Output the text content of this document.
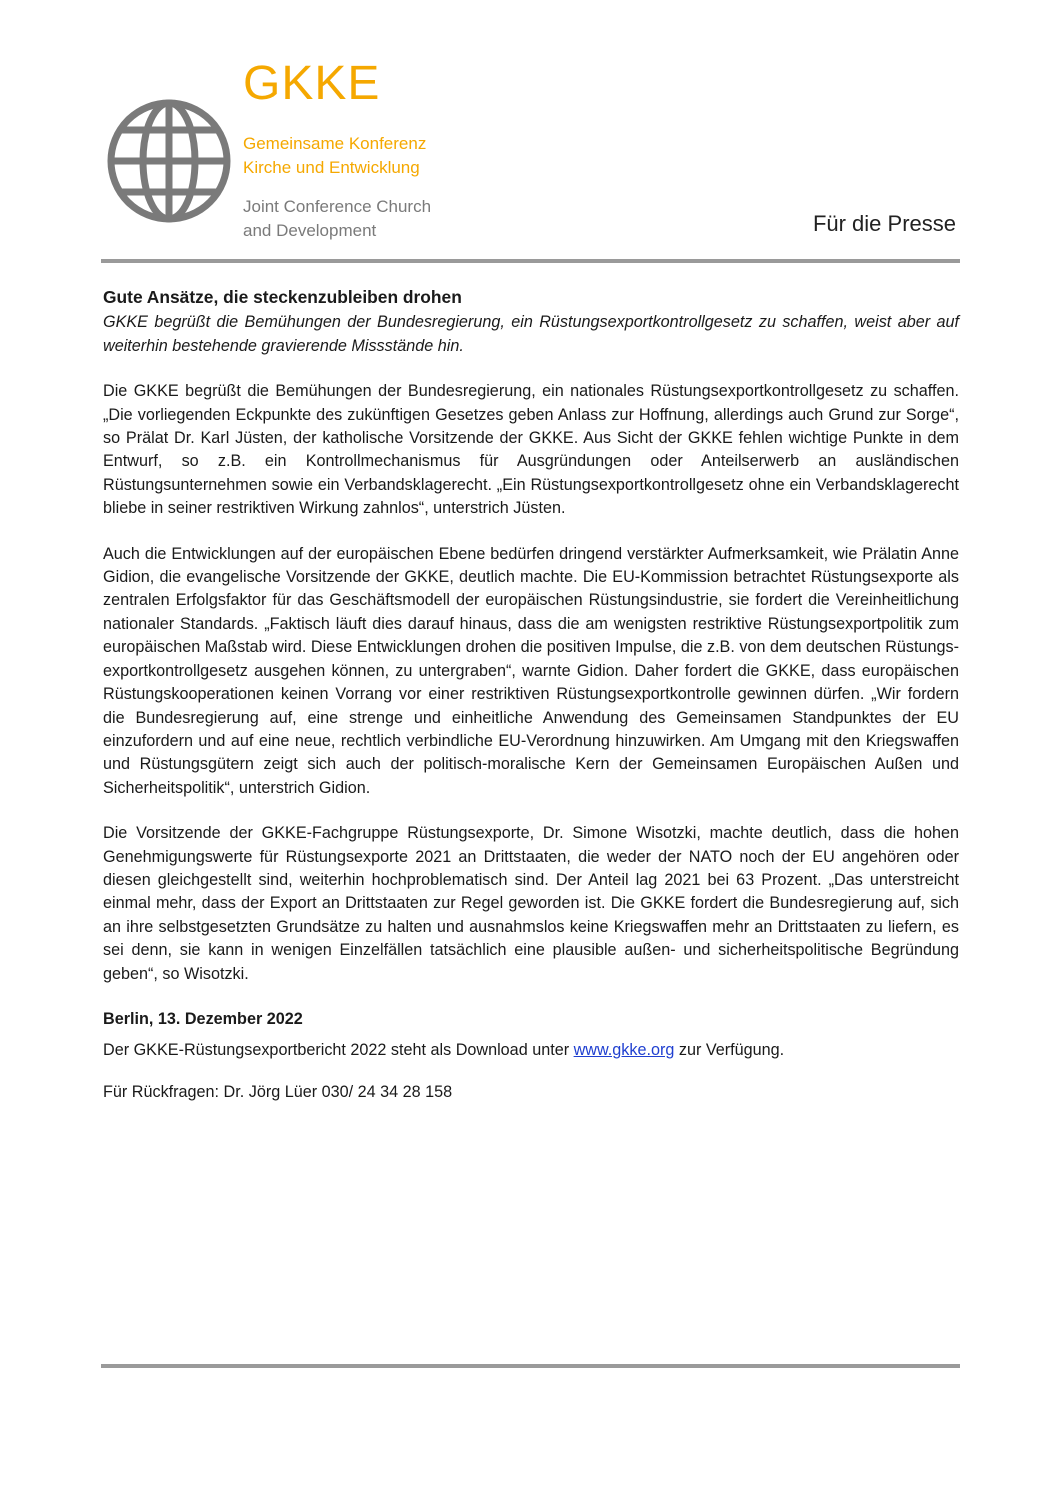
GKKE
Gemeinsame Konferenz
Kirche und Entwicklung
Joint Conference Church
and Development	Für die Presse

Gute Ansätze, die steckenzubleiben drohen

GKKE begrüßt die Bemühungen der Bundesregierung, ein Rüstungsexportkontrollgesetz zu schaffen, weist aber auf weiterhin bestehende gravierende Missstände hin.

Die GKKE begrüßt die Bemühungen der Bundesregierung, ein nationales Rüstungsexportkontrollgesetz zu schaffen. „Die vorliegenden Eckpunkte des zukünftigen Gesetzes geben Anlass zur Hoffnung, allerdings auch Grund zur Sorge“, so Prälat Dr. Karl Jüsten, der katholische Vorsitzende der GKKE. Aus Sicht der GKKE fehlen wichtige Punkte in dem Entwurf, so z.B. ein Kontrollmechanismus für Ausgründungen oder Anteilserwerb an ausländischen Rüstungsunternehmen sowie ein Verbandsklagerecht. „Ein Rüstungsexportkontrollgesetz ohne ein Verbandsklagerecht bliebe in seiner restriktiven Wirkung zahnlos“, unterstrich Jüsten.

Auch die Entwicklungen auf der europäischen Ebene bedürfen dringend verstärkter Aufmerksamkeit, wie Prälatin Anne Gidion, die evangelische Vorsitzende der GKKE, deutlich machte. Die EU-Kommission betrachtet Rüstungsexporte als zentralen Erfolgsfaktor für das Geschäftsmodell der europäischen Rüstungsindustrie, sie fordert die Vereinheitlichung nationaler Standards. „Faktisch läuft dies darauf hinaus, dass die am wenigsten restriktive Rüstungsexportpolitik zum europäischen Maßstab wird. Diese Entwicklungen drohen die positiven Impulse, die z.B. von dem deutschen Rüstungsexportkontrollgesetz ausgehen können, zu untergraben“, warnte Gidion. Daher fordert die GKKE, dass europäischen Rüstungskooperationen keinen Vorrang vor einer restriktiven Rüstungsexportkontrolle gewinnen dürfen. „Wir fordern die Bundesregierung auf, eine strenge und einheitliche Anwendung des Gemeinsamen Standpunktes der EU einzufordern und auf eine neue, rechtlich verbindliche EU-Verordnung hinzuwirken. Am Umgang mit den Kriegswaffen und Rüstungsgütern zeigt sich auch der politisch-moralische Kern der Gemeinsamen Europäischen Außen und Sicherheitspolitik“, unterstrich Gidion.

Die Vorsitzende der GKKE-Fachgruppe Rüstungsexporte, Dr. Simone Wisotzki, machte deutlich, dass die hohen Genehmigungswerte für Rüstungsexporte 2021 an Drittstaaten, die weder der NATO noch der EU angehören oder diesen gleichgestellt sind, weiterhin hochproblematisch sind. Der Anteil lag 2021 bei 63 Prozent. „Das unterstreicht einmal mehr, dass der Export an Drittstaaten zur Regel geworden ist. Die GKKE fordert die Bundesregierung auf, sich an ihre selbstgesetzten Grundsätze zu halten und ausnahmslos keine Kriegswaffen mehr an Drittstaaten zu liefern, es sei denn, sie kann in wenigen Einzelfällen tatsächlich eine plausible außen- und sicherheitspolitische Begründung geben“, so Wisotzki.

Berlin, 13. Dezember 2022

Der GKKE-Rüstungsexportbericht 2022 steht als Download unter www.gkke.org zur Verfügung.

Für Rückfragen: Dr. Jörg Lüer 030/ 24 34 28 158
